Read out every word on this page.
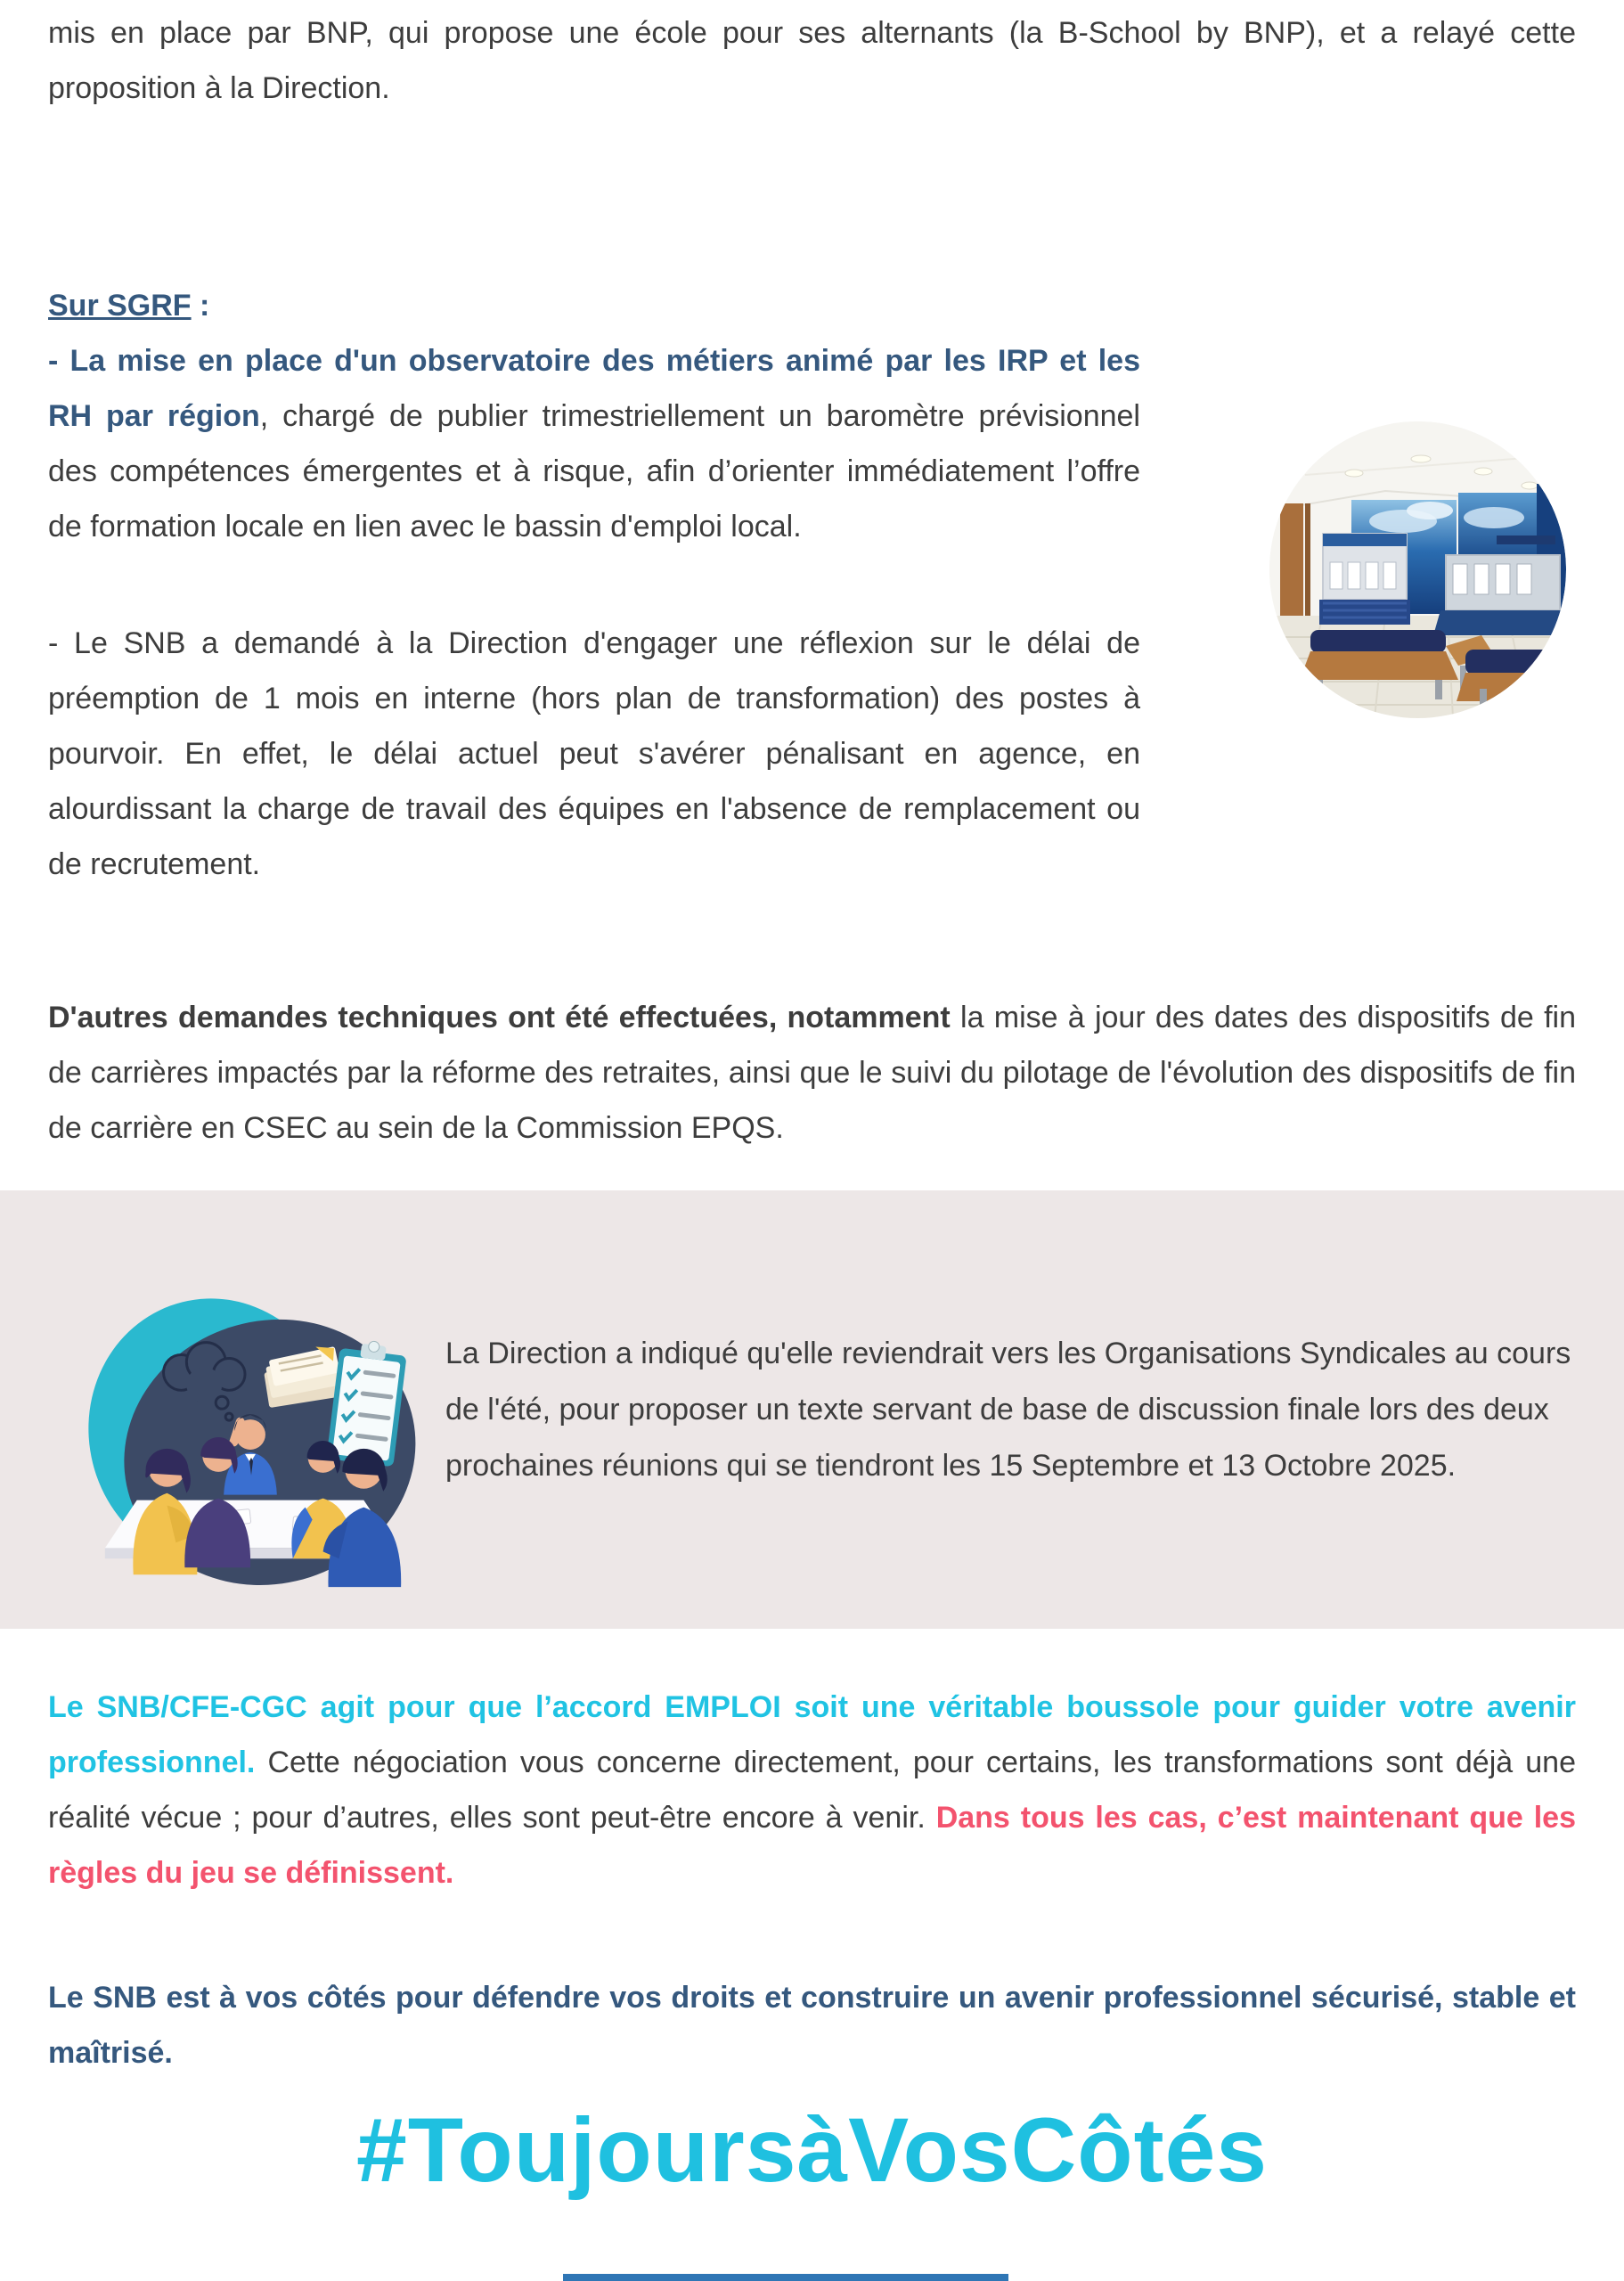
mis en place par BNP, qui propose une école pour ses alternants (la B-School by BNP), et a relayé cette proposition à la Direction.

Sur SGRF :

- La mise en place d'un observatoire des métiers animé par les IRP et les RH par région, chargé de publier trimestriellement un baromètre prévisionnel des compétences émergentes et à risque, afin d’orienter immédiatement l’offre de formation locale en lien avec le bassin d'emploi local.

- Le SNB a demandé à la Direction d'engager une réflexion sur le délai de préemption de 1 mois en interne (hors plan de transformation) des postes à pourvoir. En effet, le délai actuel peut s'avérer pénalisant en agence, en alourdissant la charge de travail des équipes en l'absence de remplacement ou de recrutement.

D'autres demandes techniques ont été effectuées, notamment la mise à jour des dates des dispositifs de fin de carrières impactés par la réforme des retraites, ainsi que le suivi du pilotage de l'évolution des dispositifs de fin de carrière en CSEC au sein de la Commission EPQS.

La Direction a indiqué qu'elle reviendrait vers les Organisations Syndicales au cours de l'été, pour proposer un texte servant de base de discussion finale lors des deux prochaines réunions qui se tiendront les 15 Septembre et 13 Octobre 2025.

Le SNB/CFE-CGC agit pour que l’accord EMPLOI soit une véritable boussole pour guider votre avenir professionnel. Cette négociation vous concerne directement, pour certains, les transformations sont déjà une réalité vécue ; pour d’autres, elles sont peut-être encore à venir. Dans tous les cas, c’est maintenant que les règles du jeu se définissent.

Le SNB est à vos côtés pour défendre vos droits et construire un avenir professionnel sécurisé, stable et maîtrisé.

#ToujoursàVosCôtés
